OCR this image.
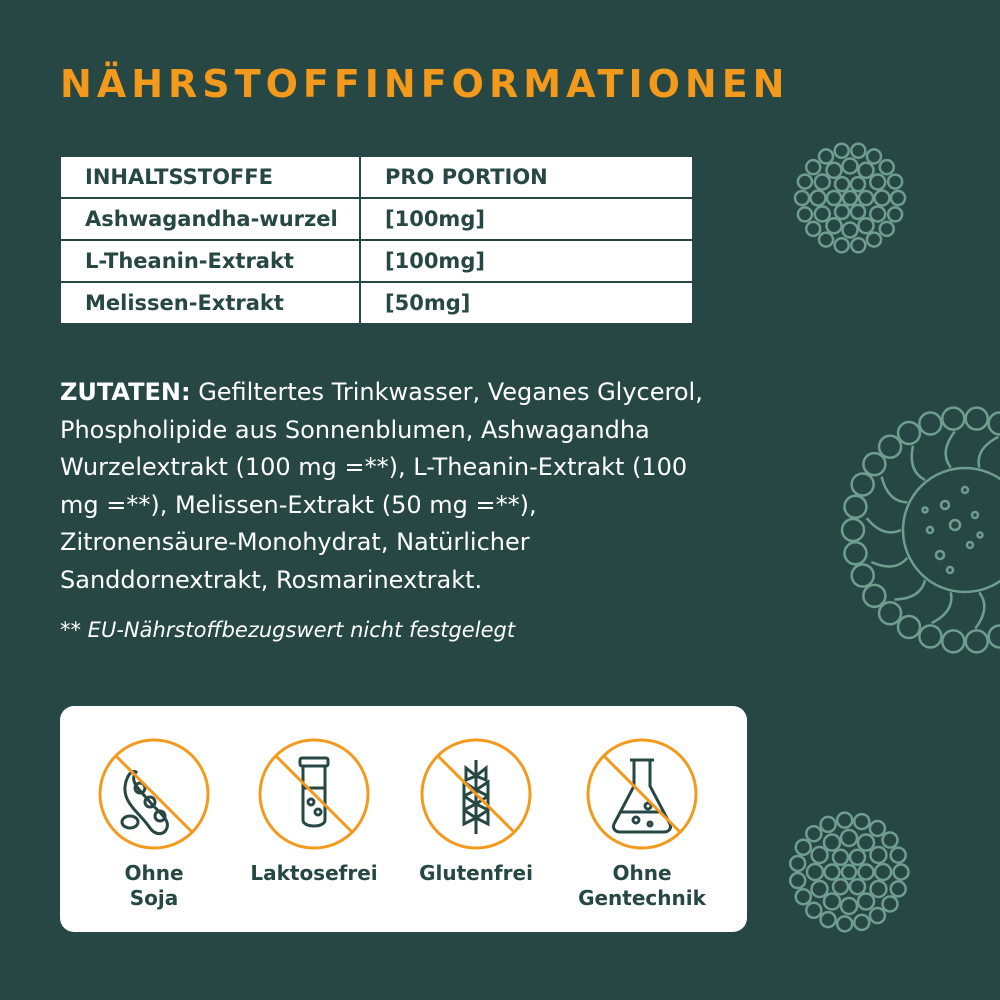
NÄHRSTOFFINFORMATIONEN
INHALTSSTOFFE	PRO PORTION
Ashwagandha-wurzel	[100mg]
L-Theanin-Extrakt	[100mg]
Melissen-Extrakt	[50mg]

ZUTATEN: Gefiltertes Trinkwasser, Veganes Glycerol, Phospholipide aus Sonnenblumen, Ashwagandha Wurzelextrakt (100 mg =**), L-Theanin-Extrakt (100 mg =**), Melissen-Extrakt (50 mg =**), Zitronensäure-Monohydrat, Natürlicher Sanddornextrakt, Rosmarinextrakt.

** EU-Nährstoffbezugswert nicht festgelegt

Ohne
Soja
Laktosefrei	Glutenfrei	Ohne
Gentechnik
